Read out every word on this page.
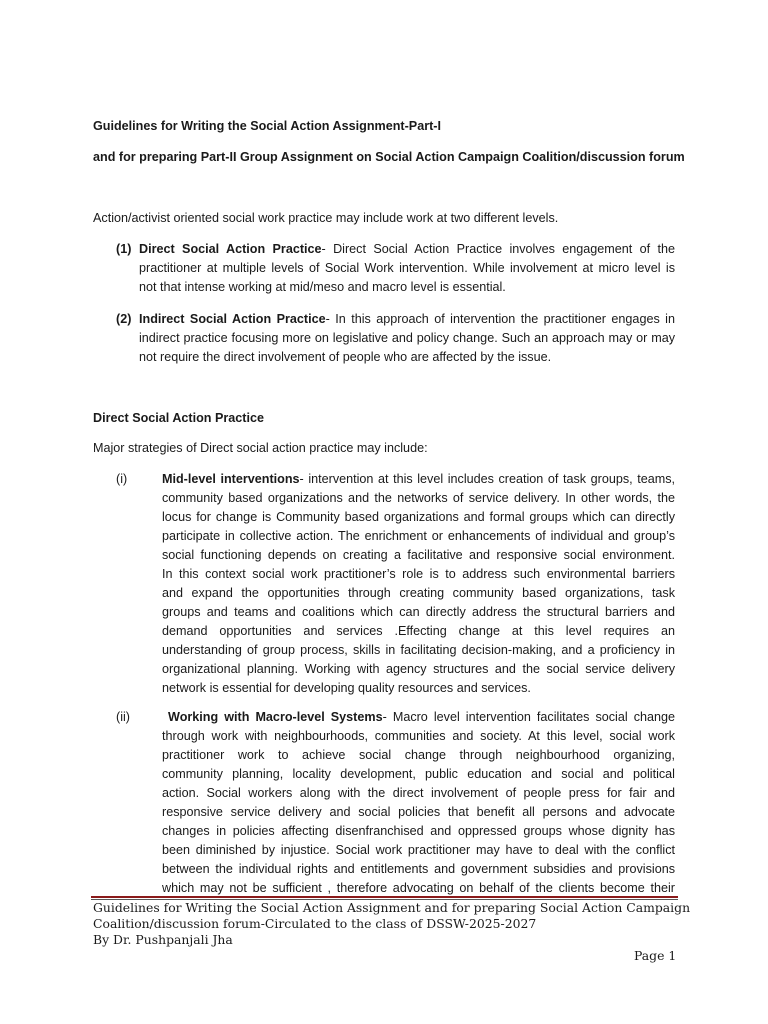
Guidelines for Writing the Social Action Assignment-Part-I

and for preparing Part-II Group Assignment on Social Action Campaign Coalition/discussion forum

Action/activist oriented social work practice may include work at two different levels.

(1) Direct Social Action Practice- Direct Social Action Practice involves engagement of the
practitioner at multiple levels of Social Work intervention. While involvement at micro level is
not that intense working at mid/meso and macro level is essential.
(2) Indirect Social Action Practice- In this approach of intervention the practitioner engages in
indirect practice focusing more on legislative and policy change. Such an approach may or may
not require the direct involvement of people who are affected by the issue.

Direct Social Action Practice

Major strategies of Direct social action practice may include:

(i)	Mid-level interventions- intervention at this level includes creation of task groups, teams,
community based organizations and the networks of service delivery. In other words, the
locus for change is Community based organizations and formal groups which can directly
participate in collective action. The enrichment or enhancements of individual and group’s
social functioning depends on creating a facilitative and responsive social environment.
In this context social work practitioner’s role is to address such environmental barriers
and expand the opportunities through creating community based organizations, task
groups and teams and coalitions which can directly address the structural barriers and
demand opportunities and services .Effecting change at this level requires an
understanding of group process, skills in facilitating decision-making, and a proficiency in
organizational planning. Working with agency structures and the social service delivery
network is essential for developing quality resources and services.
(ii)	Working with Macro-level Systems- Macro level intervention facilitates social change
through work with neighbourhoods, communities and society. At this level, social work
practitioner work to achieve social change through neighbourhood organizing,
community planning, locality development, public education and social and political
action. Social workers along with the direct involvement of people press for fair and
responsive service delivery and social policies that benefit all persons and advocate
changes in policies affecting disenfranchised and oppressed groups whose dignity has
been diminished by injustice. Social work practitioner may have to deal with the conflict
between the individual rights and entitlements and government subsidies and provisions
which may not be sufficient , therefore advocating on behalf of the clients become their
Guidelines for Writing the Social Action Assignment and for preparing Social Action Campaign
Coalition/discussion forum-Circulated to the class of DSSW-2025-2027
By Dr. Pushpanjali Jha
Page 1
